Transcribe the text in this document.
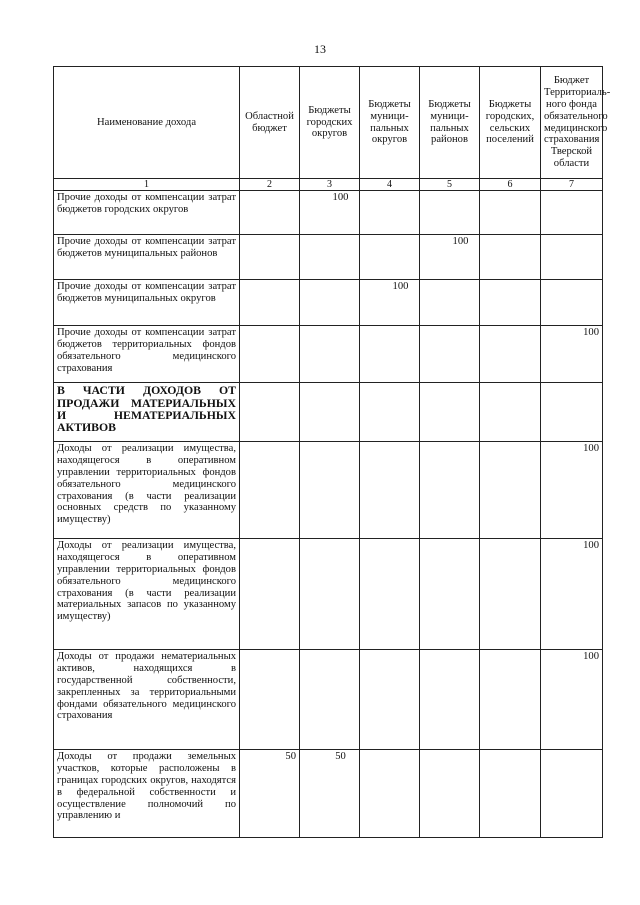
13
Наименование дохода	Областной бюджет	Бюджеты городских округов	Бюджеты муници-пальных округов	Бюджеты муници-пальных районов	Бюджеты городских, сельских поселений	Бюджет Территориаль-ного фонда обязательного медицинского страхования Тверской области
1	2	3	4	5	6	7
Прочие доходы от компенсации затрат бюджетов городских округов		100				
Прочие доходы от компенсации затрат бюджетов муниципальных районов				100		
Прочие доходы от компенсации затрат бюджетов муниципальных округов			100			
Прочие доходы от компенсации затрат бюджетов территориальных фондов обязательного медицинского страхования						100
В ЧАСТИ ДОХОДОВ ОТ ПРОДАЖИ МАТЕРИАЛЬНЫХ И НЕМАТЕРИАЛЬНЫХ АКТИВОВ						
Доходы от реализации имущества, находящегося в оперативном управлении территориальных фондов обязательного медицинского страхования (в части реализации основных средств по указанному имуществу)						100
Доходы от реализации имущества, находящегося в оперативном управлении территориальных фондов обязательного медицинского страхования (в части реализации материальных запасов по указанному имуществу)						100
Доходы от продажи нематериальных активов, находящихся в государственной собственности, закрепленных за территориальными фондами обязательного медицинского страхования						100
Доходы от продажи земельных участков, которые расположены в границах городских округов, находятся в федеральной собственности и осуществление полномочий по управлению и	50	50				
